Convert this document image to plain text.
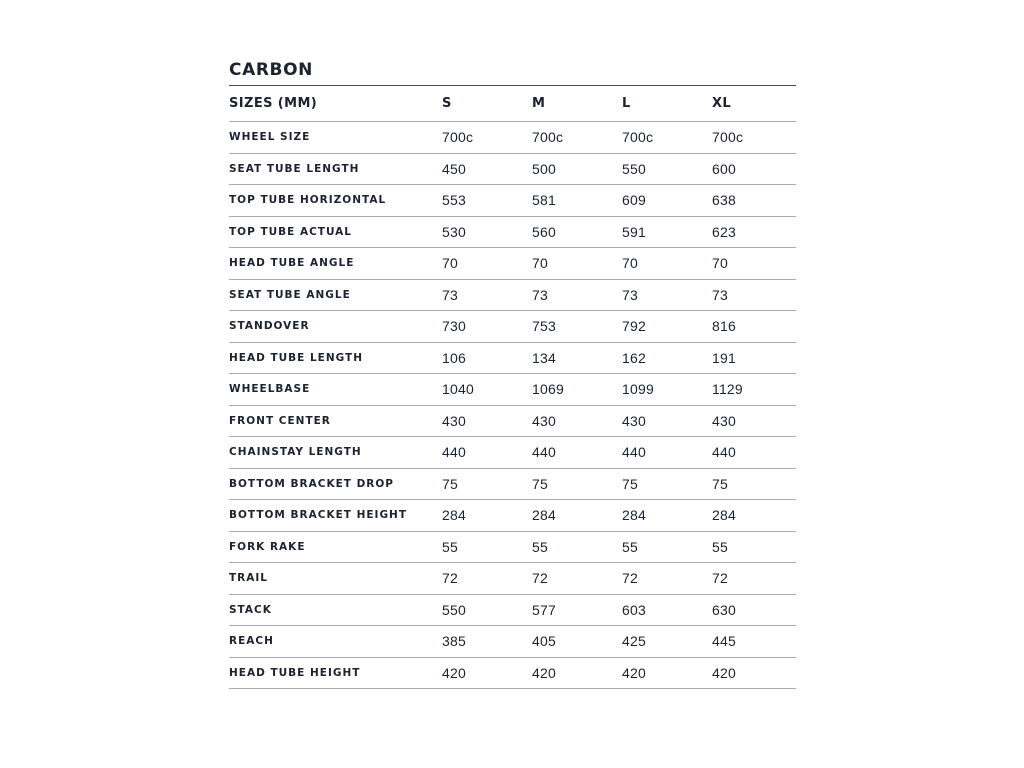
CARBON
SIZES (MM)	S	M	L	XL
WHEEL SIZE	700c	700c	700c	700c
SEAT TUBE LENGTH	450	500	550	600
TOP TUBE HORIZONTAL	553	581	609	638
TOP TUBE ACTUAL	530	560	591	623
HEAD TUBE ANGLE	70	70	70	70
SEAT TUBE ANGLE	73	73	73	73
STANDOVER	730	753	792	816
HEAD TUBE LENGTH	106	134	162	191
WHEELBASE	1040	1069	1099	1129
FRONT CENTER	430	430	430	430
CHAINSTAY LENGTH	440	440	440	440
BOTTOM BRACKET DROP	75	75	75	75
BOTTOM BRACKET HEIGHT	284	284	284	284
FORK RAKE	55	55	55	55
TRAIL	72	72	72	72
STACK	550	577	603	630
REACH	385	405	425	445
HEAD TUBE HEIGHT	420	420	420	420
